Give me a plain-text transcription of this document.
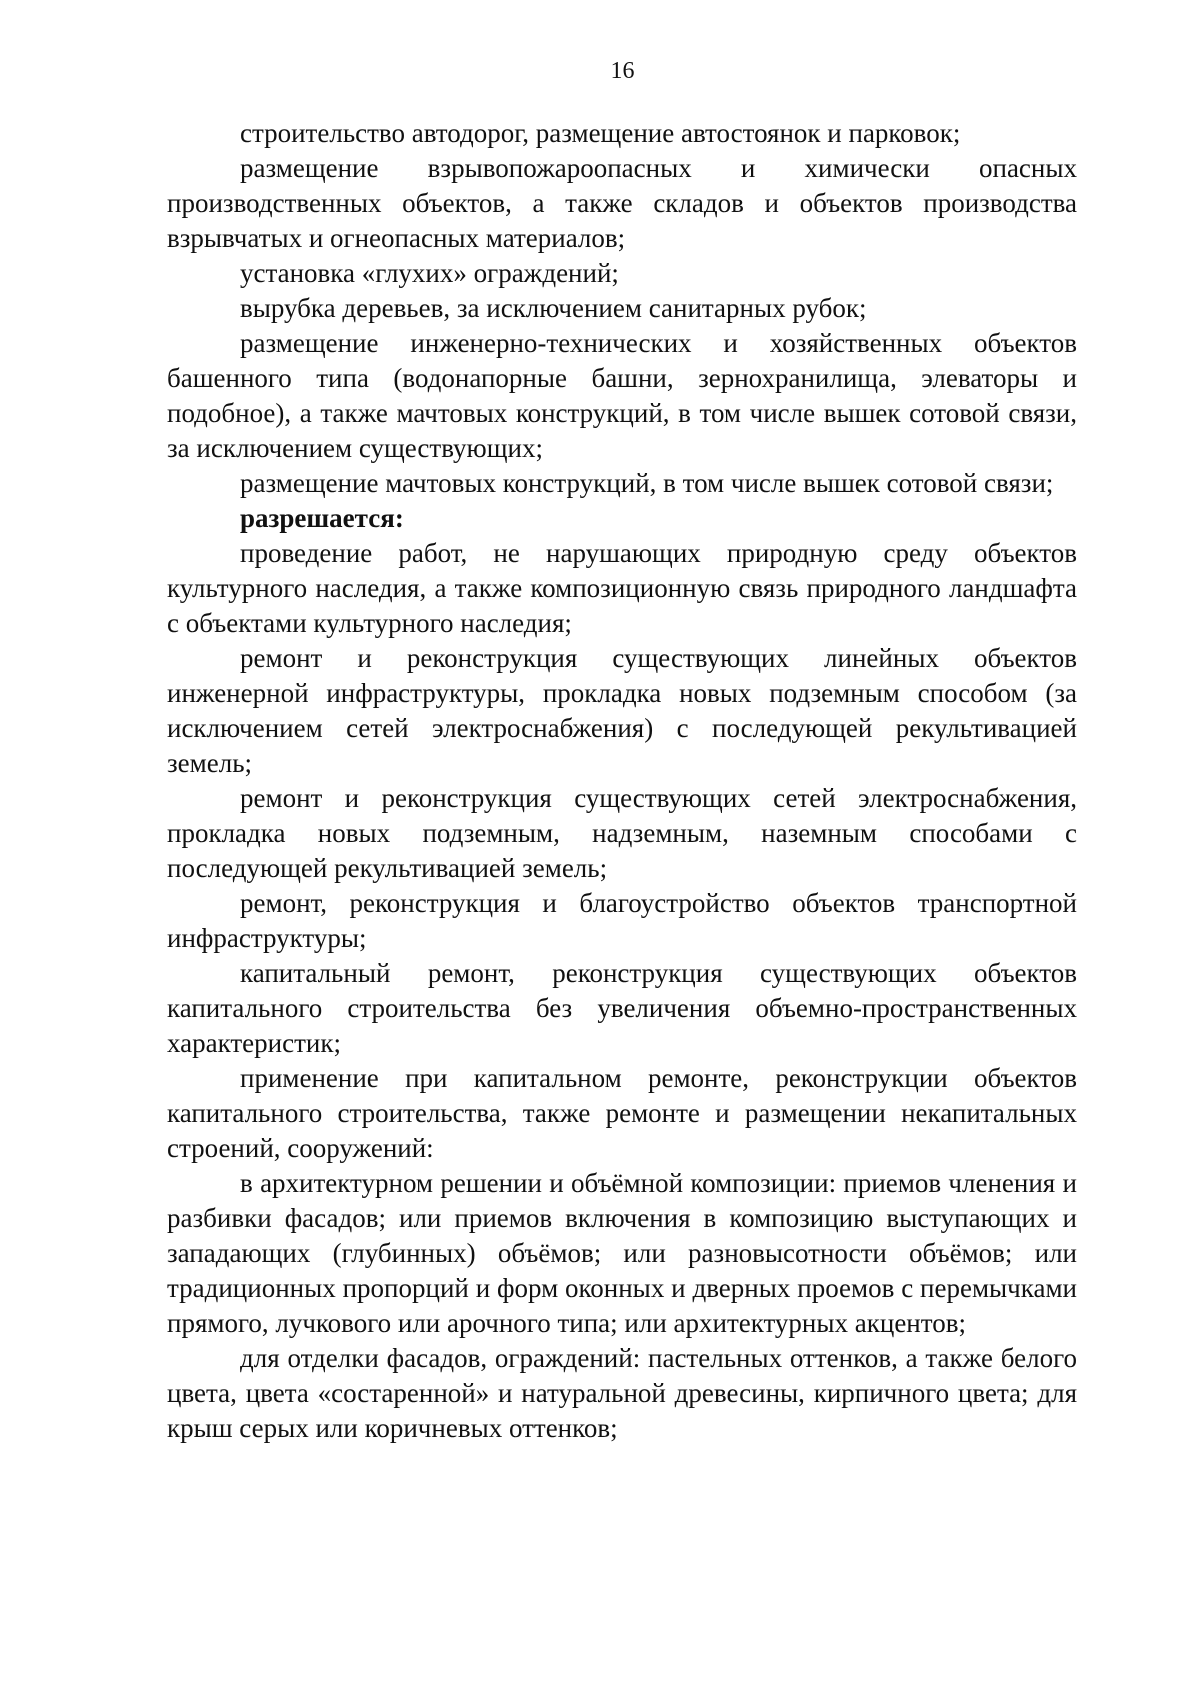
16

строительство автодорог, размещение автостоянок и парковок;

размещение взрывопожароопасных и химически опасных производственных объектов, а также складов и объектов производства взрывчатых и огнеопасных материалов;

установка «глухих» ограждений;

вырубка деревьев, за исключением санитарных рубок;

размещение инженерно-технических и хозяйственных объектов башенного типа (водонапорные башни, зернохранилища, элеваторы и подобное), а также мачтовых конструкций, в том числе вышек сотовой связи, за исключением существующих;

размещение мачтовых конструкций, в том числе вышек сотовой связи;

разрешается:

проведение работ, не нарушающих природную среду объектов культурного наследия, а также композиционную связь природного ландшафта с объектами культурного наследия;

ремонт и реконструкция существующих линейных объектов инженерной инфраструктуры, прокладка новых подземным способом (за исключением сетей электроснабжения) с последующей рекультивацией земель;

ремонт и реконструкция существующих сетей электроснабжения, прокладка новых подземным, надземным, наземным способами с последующей рекультивацией земель;

ремонт, реконструкция и благоустройство объектов транспортной инфраструктуры;

капитальный ремонт, реконструкция существующих объектов капитального строительства без увеличения объемно-пространственных характеристик;

применение при капитальном ремонте, реконструкции объектов капитального строительства, также ремонте и размещении некапитальных строений, сооружений:

в архитектурном решении и объёмной композиции: приемов членения и разбивки фасадов; или приемов включения в композицию выступающих и западающих (глубинных) объёмов; или разновысотности объёмов; или традиционных пропорций и форм оконных и дверных проемов с перемычками прямого, лучкового или арочного типа; или архитектурных акцентов;

для отделки фасадов, ограждений: пастельных оттенков, а также белого цвета, цвета «состаренной» и натуральной древесины, кирпичного цвета; для крыш серых или коричневых оттенков;
